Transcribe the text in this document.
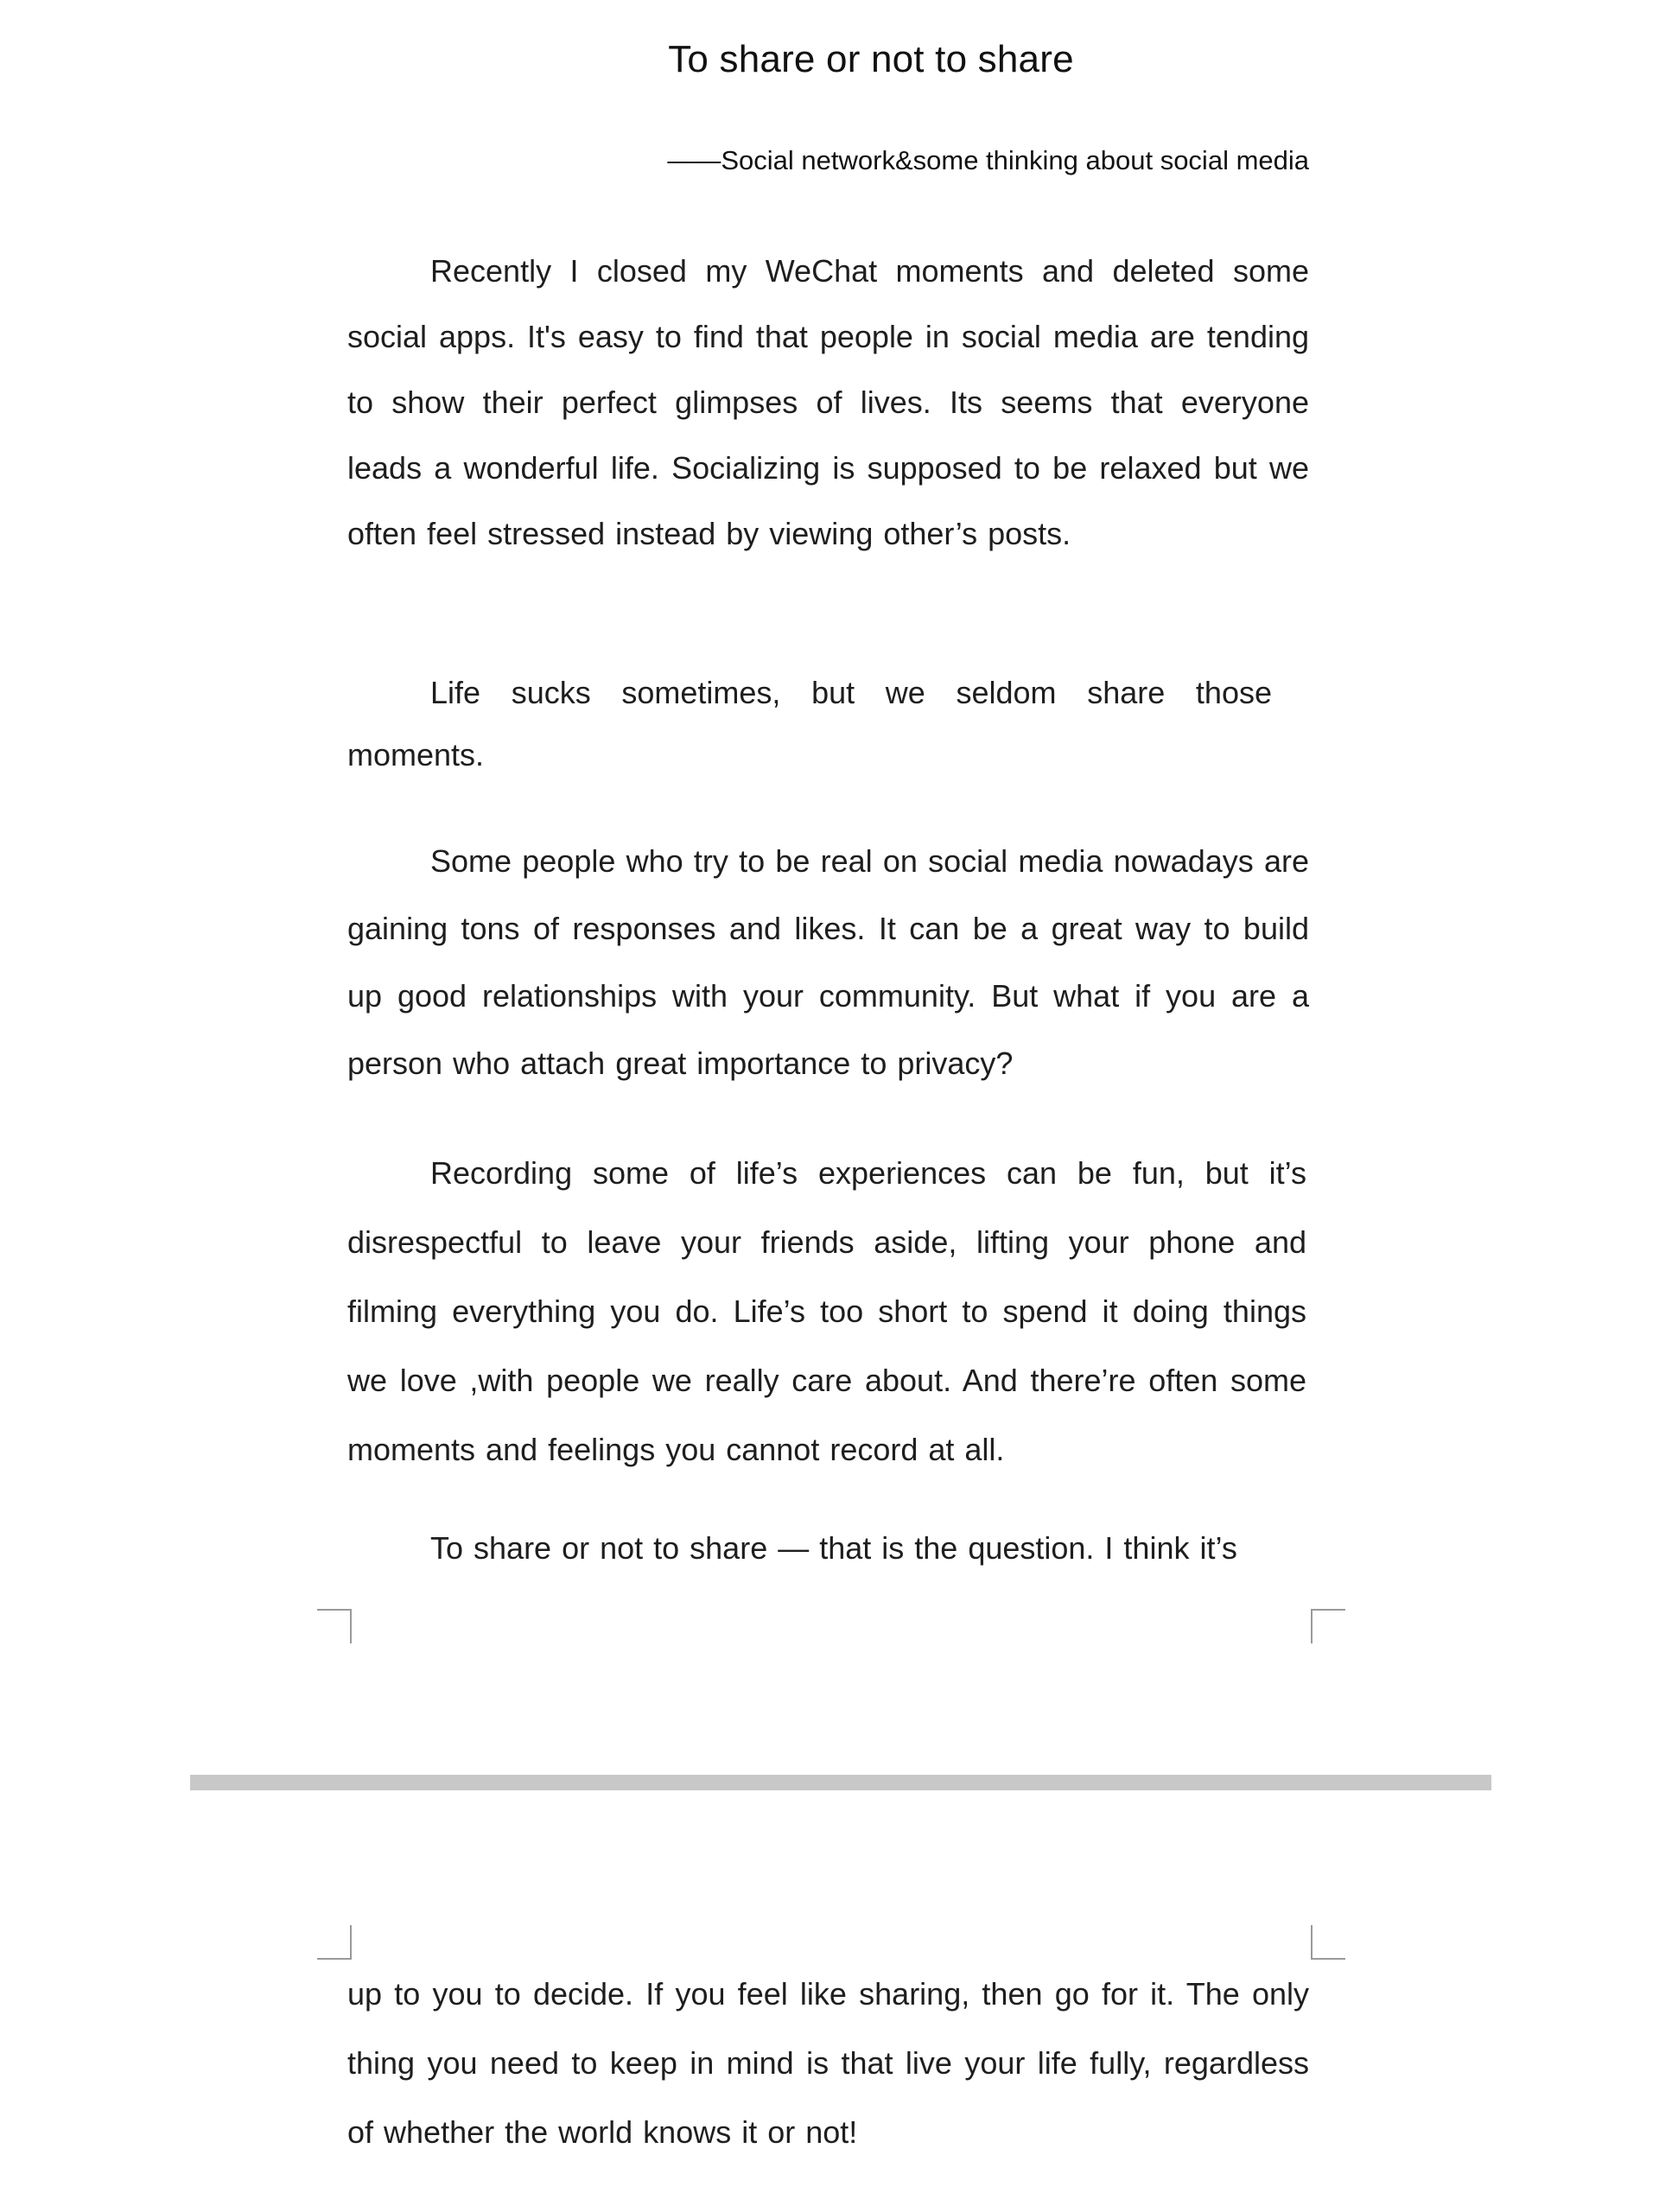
To share or not to share

——Social network&some thinking about social media

Recently I closed my WeChat moments and deleted some social apps. It's easy to find that people in social media are tending to show their perfect glimpses of lives. Its seems that everyone leads a wonderful life. Socializing is supposed to be relaxed but we often feel stressed instead by viewing other’s posts.

Life sucks sometimes, but we seldom share those moments.

Some people who try to be real on social media nowadays are gaining tons of responses and likes. It can be a great way to build up good relationships with your community. But what if you are a person who attach great importance to privacy?

Recording some of life’s experiences can be fun, but it’s disrespectful to leave your friends aside, lifting your phone and filming everything you do. Life’s too short to spend it doing things we love ,with people we really care about. And there’re often some moments and feelings you cannot record at all.

To share or not to share — that is the question. I think it’s

up to you to decide. If you feel like sharing, then go for it. The only thing you need to keep in mind is that live your life fully, regardless of whether the world knows it or not!
